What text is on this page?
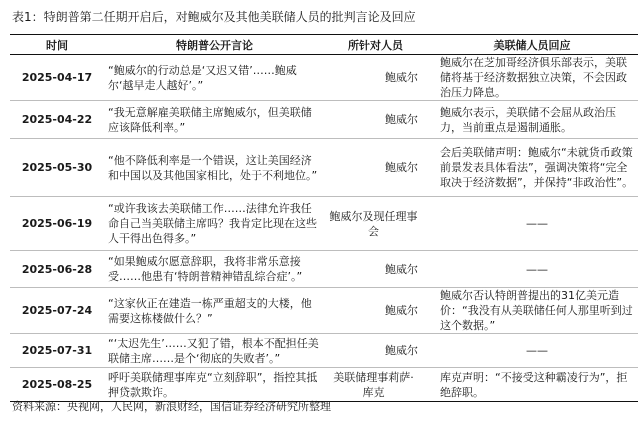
表1：特朗普第二任期开启后，对鲍威尔及其他美联储人员的批判言论及回应
时间	特朗普公开言论	所针对人员	美联储人员回应
2025-04-17	“鲍威尔的行动总是‘又迟又错’……鲍威尔‘越早走人越好’。”	鲍威尔	鲍威尔在芝加哥经济俱乐部表示，美联储将基于经济数据独立决策，不会因政治压力降息。
2025-04-22	“我无意解雇美联储主席鲍威尔，但美联储应该降低利率。”	鲍威尔	鲍威尔表示，美联储不会屈从政治压力，当前重点是遏制通胀。
2025-05-30	“他不降低利率是一个错误，这让美国经济和中国以及其他国家相比，处于不利地位。”	鲍威尔	会后美联储声明：鲍威尔“未就货币政策前景发表具体看法”，强调决策将“完全取决于经济数据”，并保持“非政治性”。
2025-06-19	“或许我该去美联储工作……法律允许我任命自己当美联储主席吗？我肯定比现在这些人干得出色得多。”	鲍威尔及现任理事会	——
2025-06-28	“如果鲍威尔愿意辞职，我将非常乐意接受……他患有‘特朗普精神错乱综合症’。”	鲍威尔	——
2025-07-24	“这家伙正在建造一栋严重超支的大楼，他需要这栋楼做什么？”	鲍威尔	鲍威尔否认特朗普提出的31亿美元造价：“我没有从美联储任何人那里听到过这个数据。”
2025-07-31	“‘太迟先生’……又犯了错，根本不配担任美联储主席……是个‘彻底的失败者’。”	鲍威尔	——
2025-08-25	呼吁美联储理事库克“立刻辞职”，指控其抵押贷款欺诈。	美联储理事莉萨·库克	库克声明：“不接受这种霸凌行为”，拒绝辞职。
资料来源：央视网，人民网，新浪财经，国信证券经济研究所整理
